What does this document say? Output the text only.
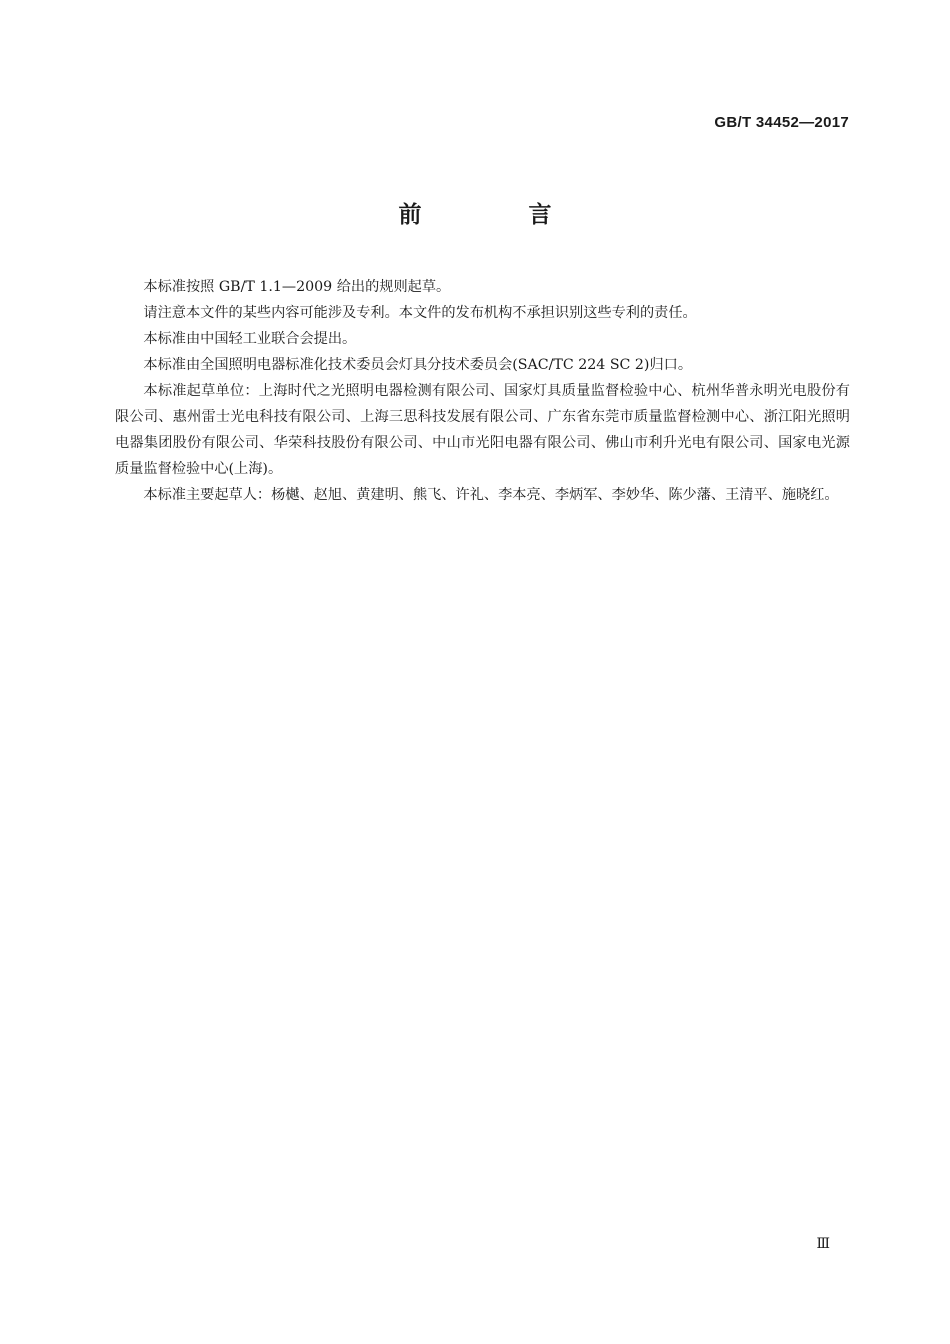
GB/T 34452—2017
前　言

本标准按照 GB/T 1.1—2009 给出的规则起草。

请注意本文件的某些内容可能涉及专利。本文件的发布机构不承担识别这些专利的责任。

本标准由中国轻工业联合会提出。

本标准由全国照明电器标准化技术委员会灯具分技术委员会(SAC/TC 224 SC 2)归口。

本标准起草单位：上海时代之光照明电器检测有限公司、国家灯具质量监督检验中心、杭州华普永明光电股份有限公司、惠州雷士光电科技有限公司、上海三思科技发展有限公司、广东省东莞市质量监督检测中心、浙江阳光照明电器集团股份有限公司、华荣科技股份有限公司、中山市光阳电器有限公司、佛山市利升光电有限公司、国家电光源质量监督检验中心(上海)。

本标准主要起草人：杨樾、赵旭、黄建明、熊飞、许礼、李本亮、李炳军、李妙华、陈少藩、王清平、施晓红。

Ⅲ
